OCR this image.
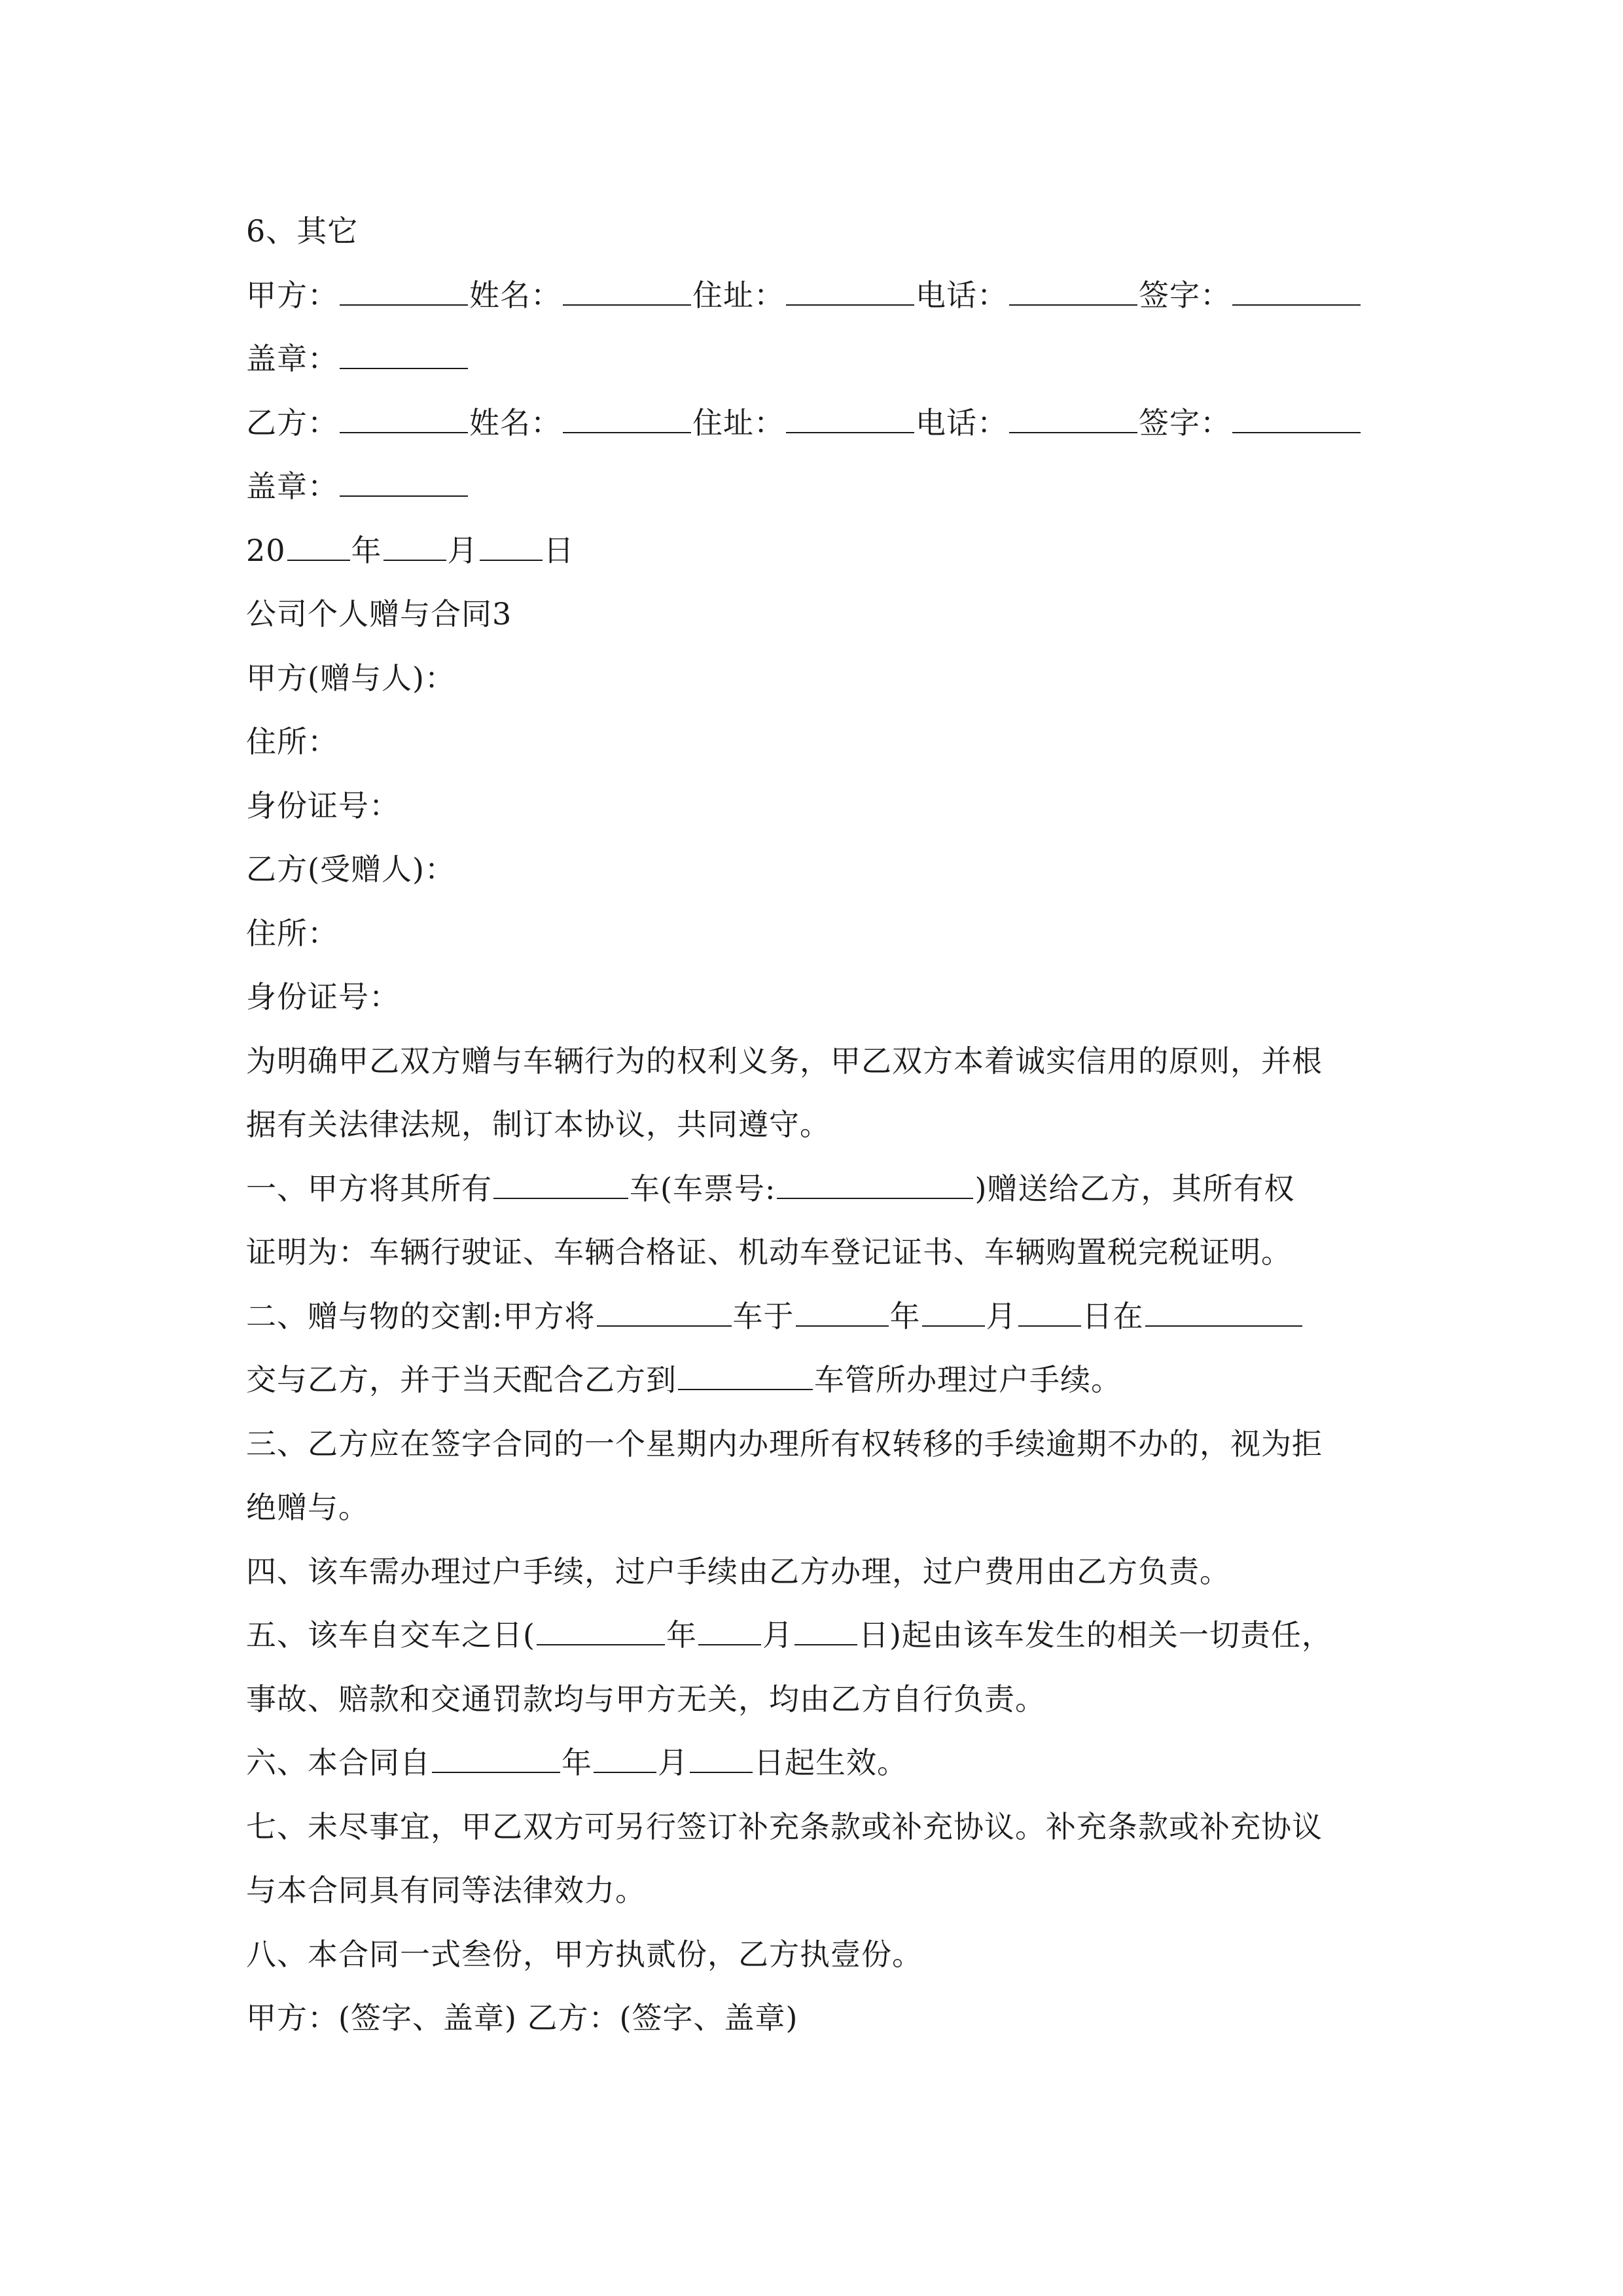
6、其它
甲方：	姓名：	住址：	电话：	签字：
盖章：
乙方：	姓名：	住址：	电话：	签字：
盖章：
20 年 月 日
公司个人赠与合同3
甲方(赠与人)：
住所：
身份证号：
乙方(受赠人)：
住所：
身份证号：
为明确甲乙双方赠与车辆行为的权利义务，甲乙双方本着诚实信用的原则，并根
据有关法律法规，制订本协议，共同遵守。
一、甲方将其所有	车(车票号:	)赠送给乙方，其所有权
证明为：车辆行驶证、车辆合格证、机动车登记证书、车辆购置税完税证明。
二、赠与物的交割:甲方将	车于	年 月 日在
交与乙方，并于当天配合乙方到	车管所办理过户手续。
三、乙方应在签字合同的一个星期内办理所有权转移的手续逾期不办的，视为拒
绝赠与。
四、该车需办理过户手续，过户手续由乙方办理，过户费用由乙方负责。
五、该车自交车之日(	年 月 日)起由该车发生的相关一切责任，
事故、赔款和交通罚款均与甲方无关，均由乙方自行负责。
六、本合同自	年 月 日起生效。
七、未尽事宜，甲乙双方可另行签订补充条款或补充协议。补充条款或补充协议
与本合同具有同等法律效力。
八、本合同一式叁份，甲方执贰份，乙方执壹份。
甲方：(签字、盖章) 乙方：(签字、盖章)
